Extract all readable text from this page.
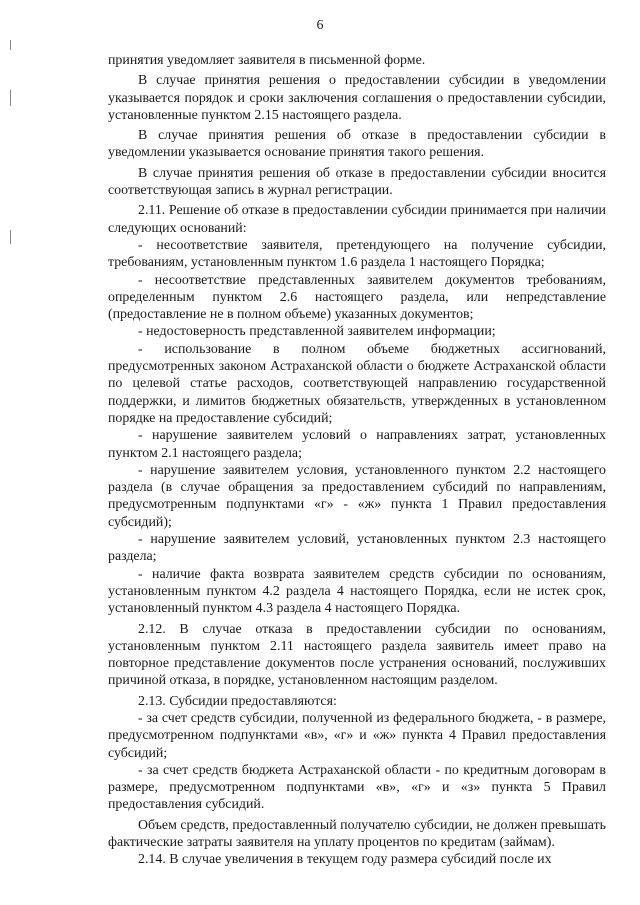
6

принятия уведомляет заявителя в письменной форме.

В случае принятия решения о предоставлении субсидии в уведомлении указывается порядок и сроки заключения соглашения о предоставлении субсидии, установленные пунктом 2.15 настоящего раздела.

В случае принятия решения об отказе в предоставлении субсидии в уведомлении указывается основание принятия такого решения.

В случае принятия решения об отказе в предоставлении субсидии вносится соответствующая запись в журнал регистрации.

2.11. Решение об отказе в предоставлении субсидии принимается при наличии следующих оснований:

- несоответствие заявителя, претендующего на получение субсидии, требованиям, установленным пунктом 1.6 раздела 1 настоящего Порядка;

- несоответствие представленных заявителем документов требованиям, определенным пунктом 2.6 настоящего раздела, или непредставление (предоставление не в полном объеме) указанных документов;

- недостоверность представленной заявителем информации;

- использование в полном объеме бюджетных ассигнований, предусмотренных законом Астраханской области о бюджете Астраханской области по целевой статье расходов, соответствующей направлению государственной поддержки, и лимитов бюджетных обязательств, утвержденных в установленном порядке на предоставление субсидий;

- нарушение заявителем условий о направлениях затрат, установленных пунктом 2.1 настоящего раздела;

- нарушение заявителем условия, установленного пунктом 2.2 настоящего раздела (в случае обращения за предоставлением субсидий по направлениям, предусмотренным подпунктами «г» - «ж» пункта 1 Правил предоставления субсидий);

- нарушение заявителем условий, установленных пунктом 2.3 настоящего раздела;

- наличие факта возврата заявителем средств субсидии по основаниям, установленным пунктом 4.2 раздела 4 настоящего Порядка, если не истек срок, установленный пунктом 4.3 раздела 4 настоящего Порядка.

2.12. В случае отказа в предоставлении субсидии по основаниям, установленным пунктом 2.11 настоящего раздела заявитель имеет право на повторное представление документов после устранения оснований, послуживших причиной отказа, в порядке, установленном настоящим разделом.

2.13. Субсидии предоставляются:

- за счет средств субсидии, полученной из федерального бюджета, - в размере, предусмотренном подпунктами «в», «г» и «ж» пункта 4 Правил предоставления субсидий;

- за счет средств бюджета Астраханской области - по кредитным договорам в размере, предусмотренном подпунктами «в», «г» и «з» пункта 5 Правил предоставления субсидий.

Объем средств, предоставленный получателю субсидии, не должен превышать фактические затраты заявителя на уплату процентов по кредитам (займам).

2.14. В случае увеличения в текущем году размера субсидий после их
